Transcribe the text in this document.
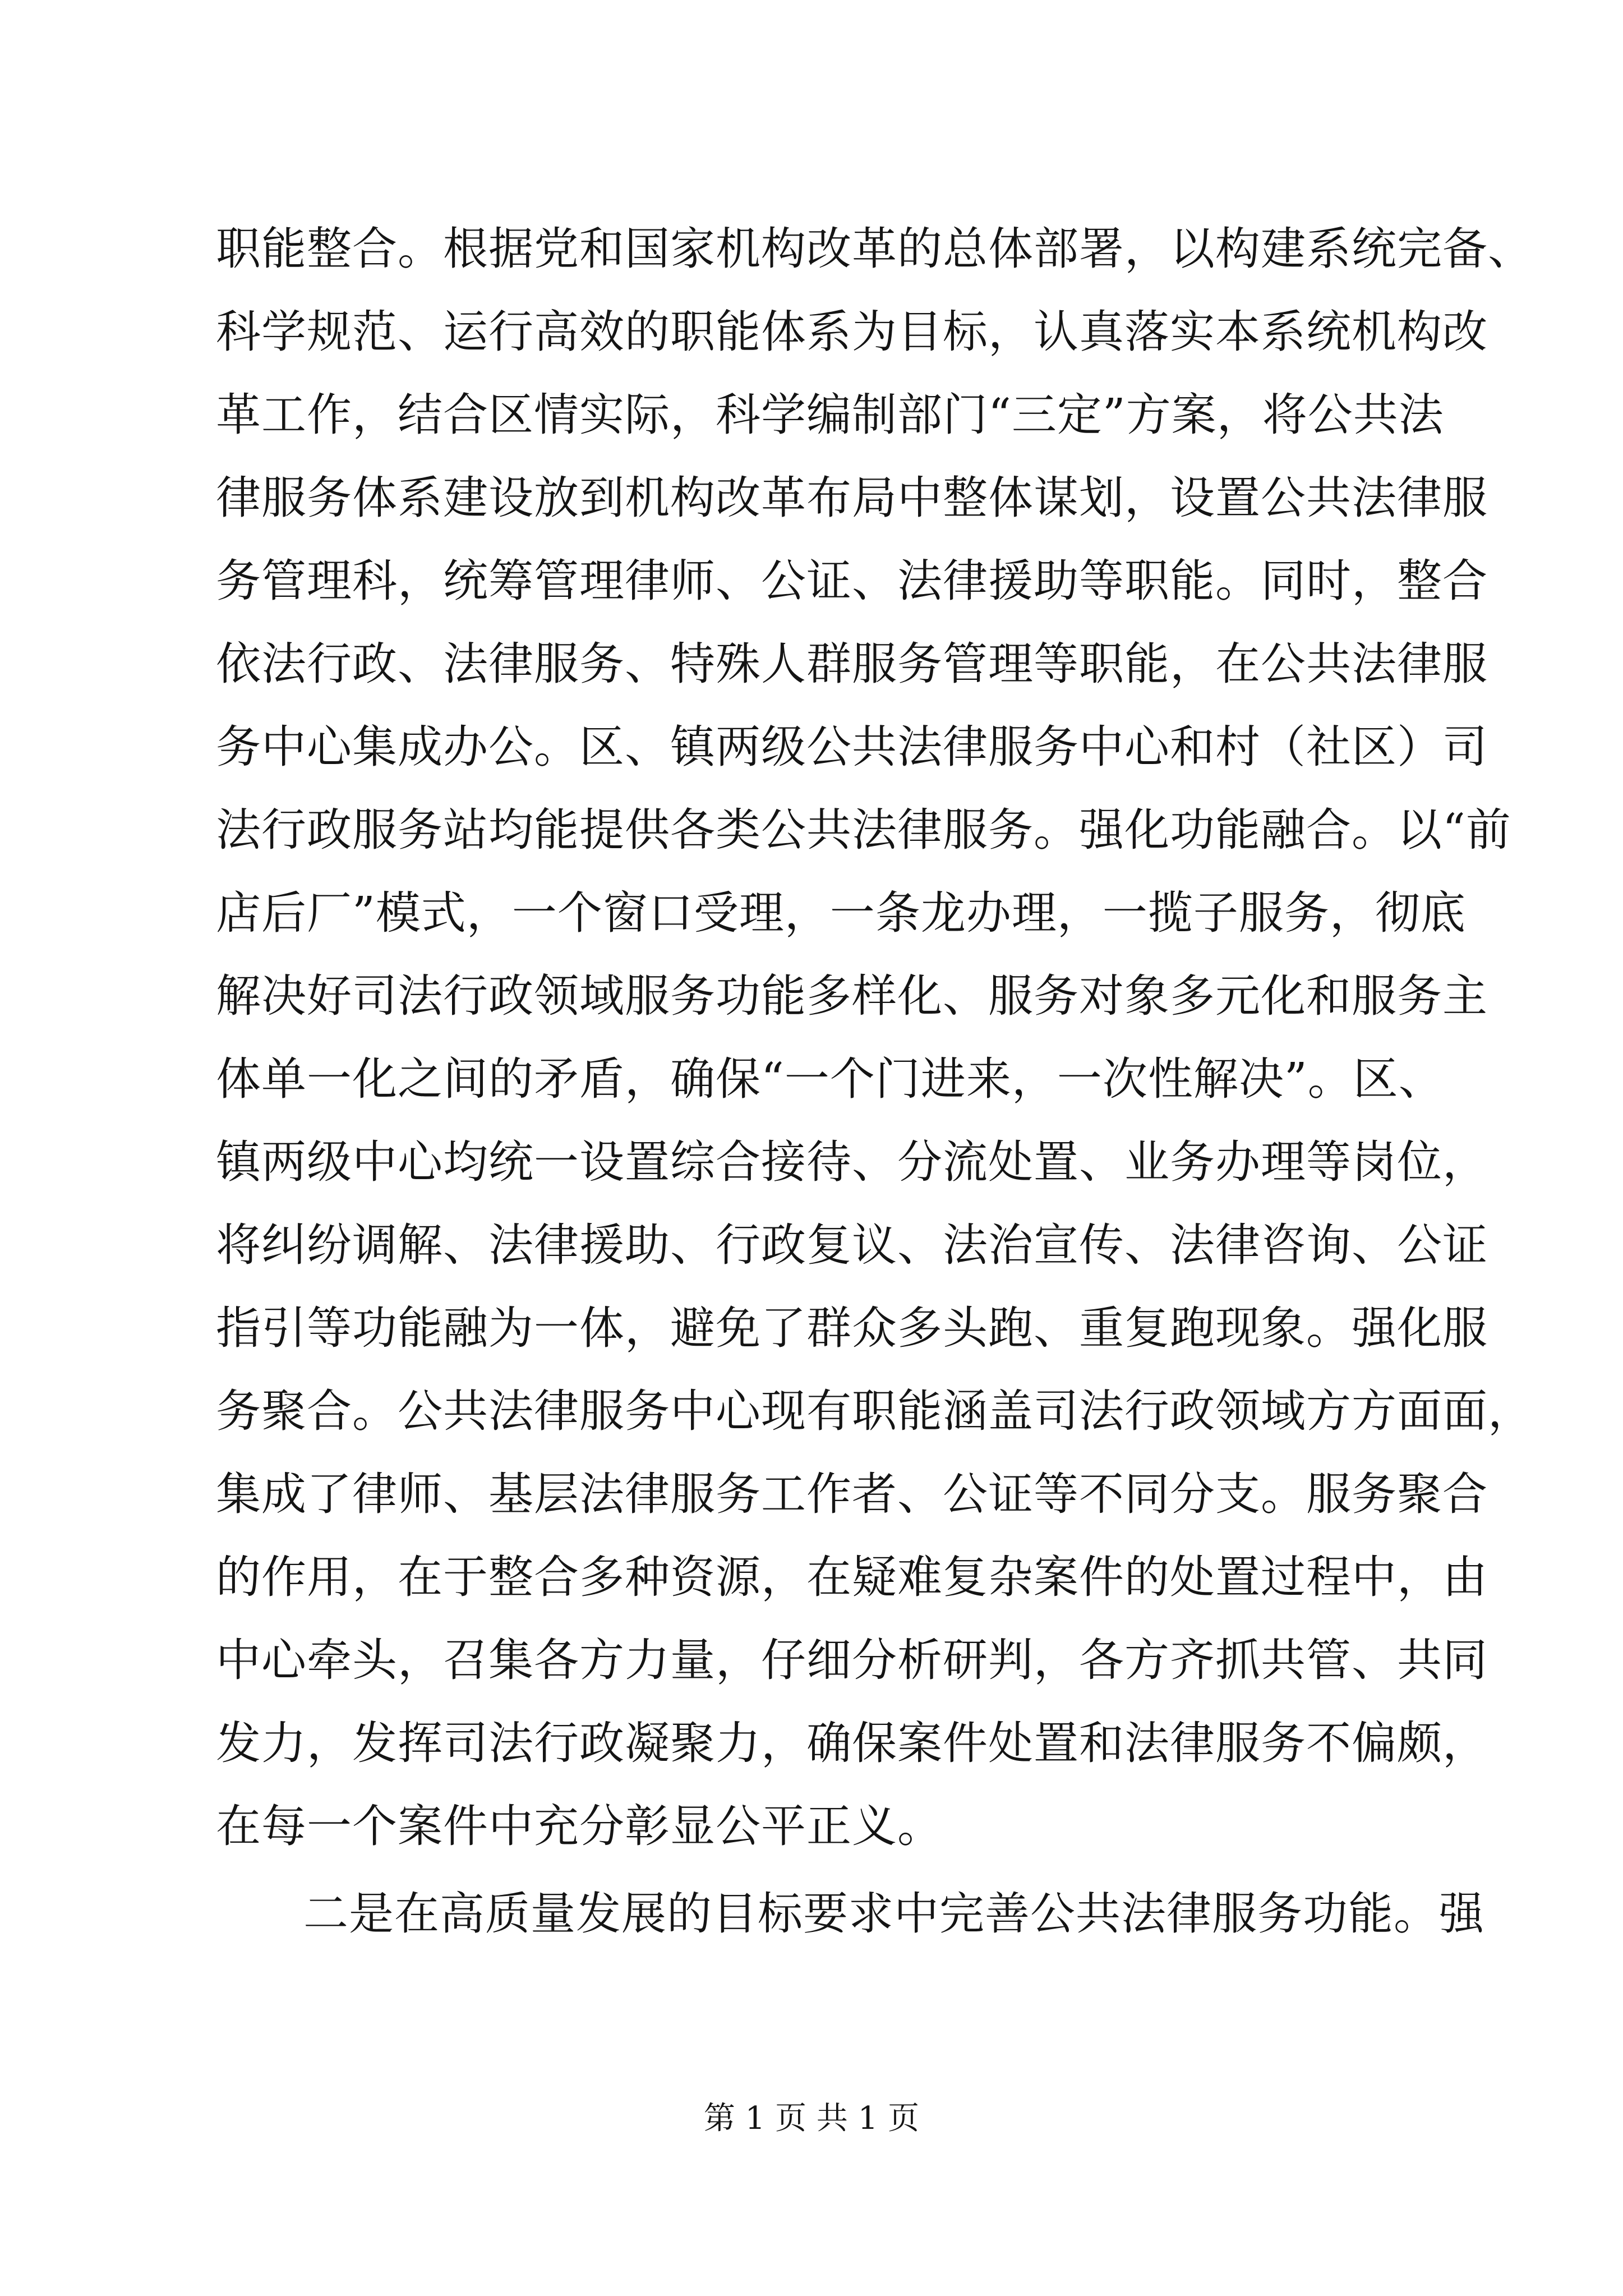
职能整合。根据党和国家机构改革的总体部署，以构建系统完备、
科学规范、运行高效的职能体系为目标，认真落实本系统机构改
革工作，结合区情实际，科学编制部门“三定”方案，将公共法
律服务体系建设放到机构改革布局中整体谋划，设置公共法律服
务管理科，统筹管理律师、公证、法律援助等职能。同时，整合
依法行政、法律服务、特殊人群服务管理等职能，在公共法律服
务中心集成办公。区、镇两级公共法律服务中心和村（社区）司
法行政服务站均能提供各类公共法律服务。强化功能融合。以“前
店后厂”模式，一个窗口受理，一条龙办理，一揽子服务，彻底
解决好司法行政领域服务功能多样化、服务对象多元化和服务主
体单一化之间的矛盾，确保“一个门进来，一次性解决”。区、
镇两级中心均统一设置综合接待、分流处置、业务办理等岗位，
将纠纷调解、法律援助、行政复议、法治宣传、法律咨询、公证
指引等功能融为一体，避免了群众多头跑、重复跑现象。强化服
务聚合。公共法律服务中心现有职能涵盖司法行政领域方方面面，
集成了律师、基层法律服务工作者、公证等不同分支。服务聚合
的作用，在于整合多种资源，在疑难复杂案件的处置过程中，由
中心牵头，召集各方力量，仔细分析研判，各方齐抓共管、共同
发力，发挥司法行政凝聚力，确保案件处置和法律服务不偏颇，
在每一个案件中充分彰显公平正义。
二是在高质量发展的目标要求中完善公共法律服务功能。强
第 1 页 共 1 页
